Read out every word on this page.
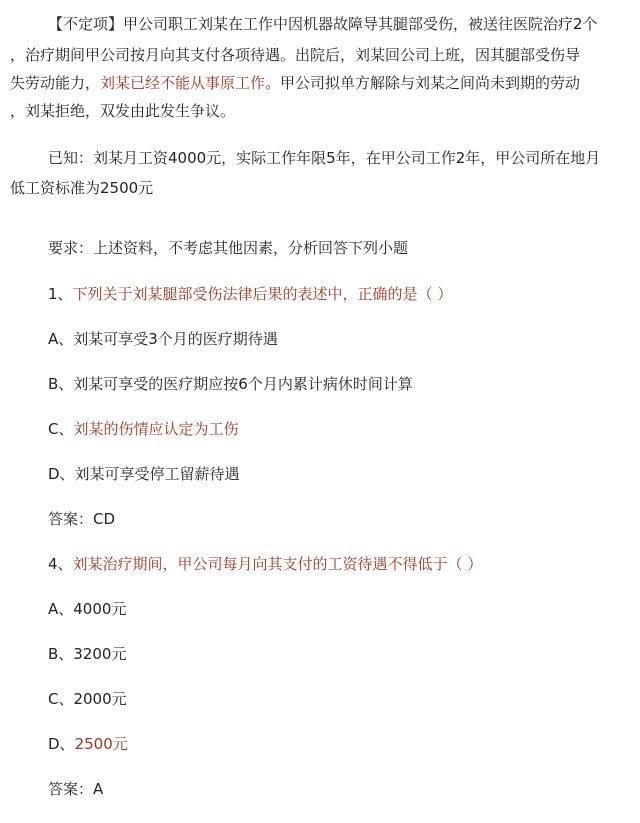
【不定项】甲公司职工刘某在工作中因机器故障导其腿部受伤，被送往医院治疗2个
，治疗期间甲公司按月向其支付各项待遇。出院后，刘某回公司上班，因其腿部受伤导
失劳动能力，刘某已经不能从事原工作。甲公司拟单方解除与刘某之间尚未到期的劳动
，刘某拒绝，双发由此发生争议。
已知：刘某月工资4000元，实际工作年限5年，在甲公司工作2年，甲公司所在地月
低工资标准为2500元
要求：上述资料，不考虑其他因素，分析回答下列小题
1、下列关于刘某腿部受伤法律后果的表述中，正确的是（ ）
A、刘某可享受3个月的医疗期待遇
B、刘某可享受的医疗期应按6个月内累计病休时间计算
C、刘某的伤情应认定为工伤
D、刘某可享受停工留薪待遇
答案：CD
4、刘某治疗期间，甲公司每月向其支付的工资待遇不得低于（ ）
A、4000元
B、3200元
C、2000元
D、2500元
答案：A
